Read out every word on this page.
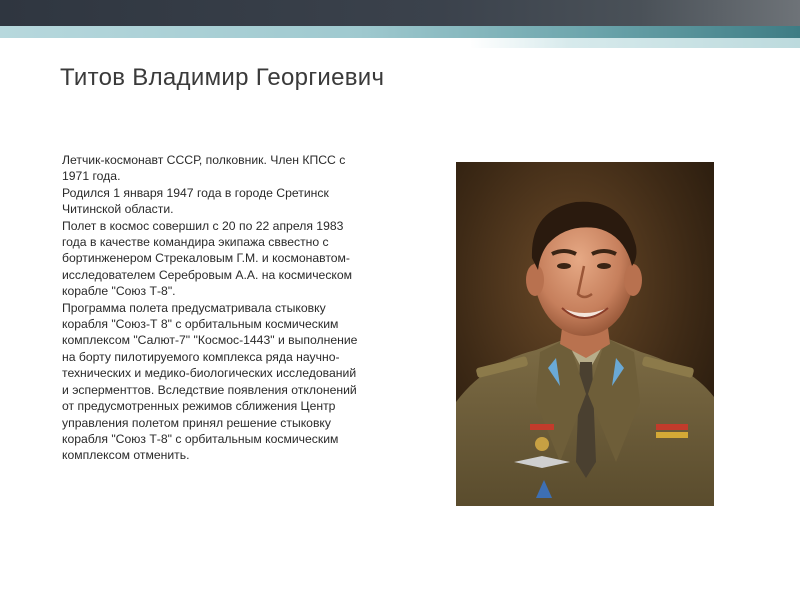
Титов Владимир Георгиевич

Летчик-космонавт СССР, полковник. Член КПСС с 1971 года.

Родился 1 января 1947 года в городе Сретинск Читинской области.

Полет в космос совершил с 20 по 22 апреля 1983 года в качестве командира экипажа сввестно с бортинженером Стрекаловым Г.М. и космонавтом-исследователем Серебровым А.А. на космическом корабле "Союз Т-8".

Программа полета предусматривала стыковку корабля "Союз-Т 8" с орбитальным космическим комплексом "Салют-7" "Космос-1443" и выполнение на борту пилотируемого комплекса ряда научно-технических и медико-биологических исследований и эсперменттов. Вследствие появления отклонений от предусмотренных режимов сближения Центр управления полетом принял решение стыковку корабля "Союз Т-8" с орбитальным космическим комплексом отменить.
